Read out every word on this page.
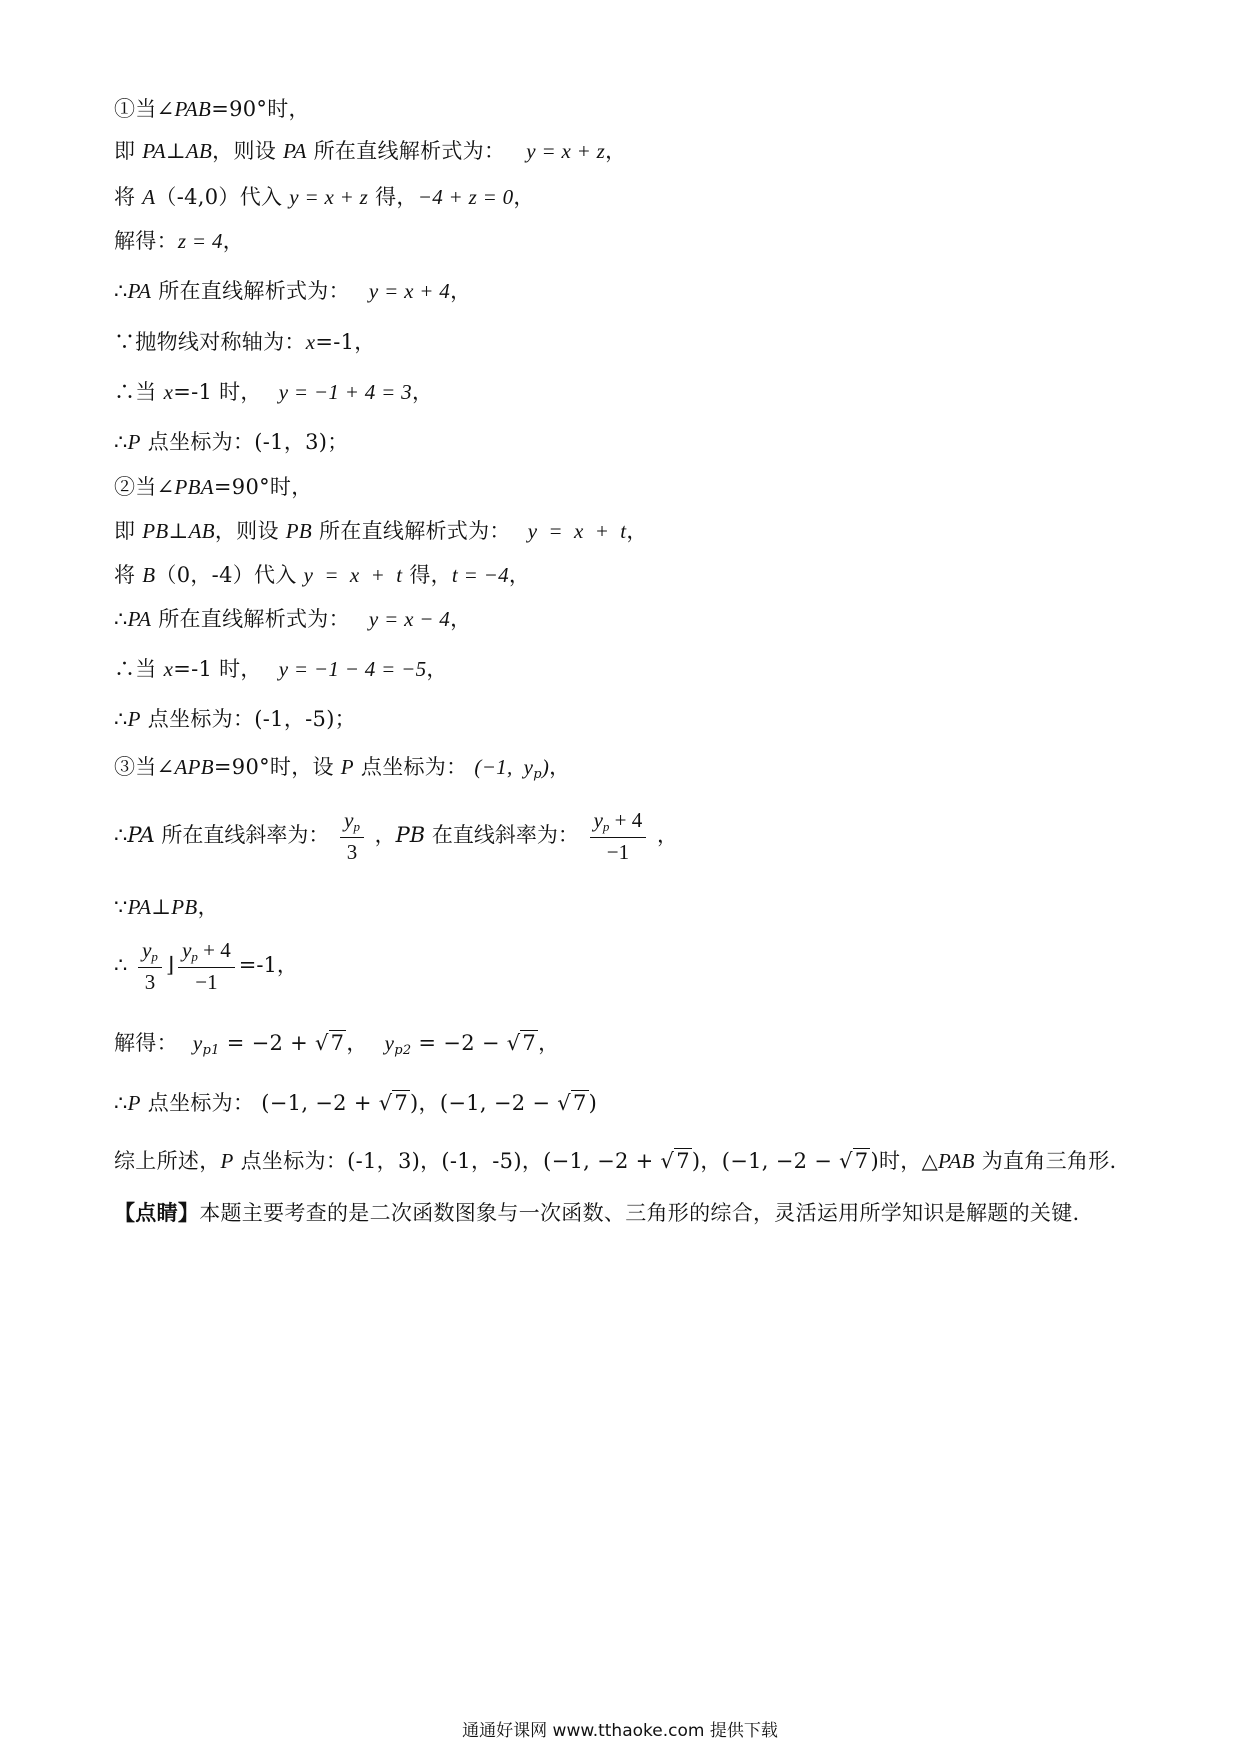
①当∠PAB=90°时，
即 PA⊥AB，则设 PA 所在直线解析式为： y = x + z，
将 A（-4,0）代入 y = x + z 得，−4 + z = 0，
解得：z = 4，
∴PA 所在直线解析式为： y = x + 4，
∵抛物线对称轴为：x=-1，
∴当 x=-1 时， y = −1 + 4 = 3，
∴P 点坐标为：(-1，3)；
②当∠PBA=90°时，
即 PB⊥AB，则设 PB 所在直线解析式为： y  =  x  +  t，
将 B（0，-4）代入 y  =  x  +  t 得，t = −4，
∴PA 所在直线解析式为： y = x − 4，
∴当 x=-1 时， y = −1 − 4 = −5，
∴P 点坐标为：(-1，-5)；
③当∠APB=90°时，设 P 点坐标为： (−1,  $y_p$)，
∴PA 所在直线斜率为： $\frac{y_p}{3}$ ，PB 在直线斜率为： $\frac{y_p + 4}{-1}$ ，
∵PA⊥PB，
∴ $\frac{y_p}{3}$ ⌋ $\frac{y_p + 4}{-1} =-1$，
解得： $y_{p1} = -2 + √7$， $y_{p2} = -2 - √7$，
∴P 点坐标为： (−1, −2 + √7)，(−1, −2 − √7)
综上所述，P 点坐标为：(-1，3)，(-1，-5)，(−1, −2 + √7)，(−1, −2 − √7)时，△PAB 为直角三角形.
【点睛】本题主要考查的是二次函数图象与一次函数、三角形的综合，灵活运用所学知识是解题的关键.
通通好课网 www.tthaoke.com 提供下载
